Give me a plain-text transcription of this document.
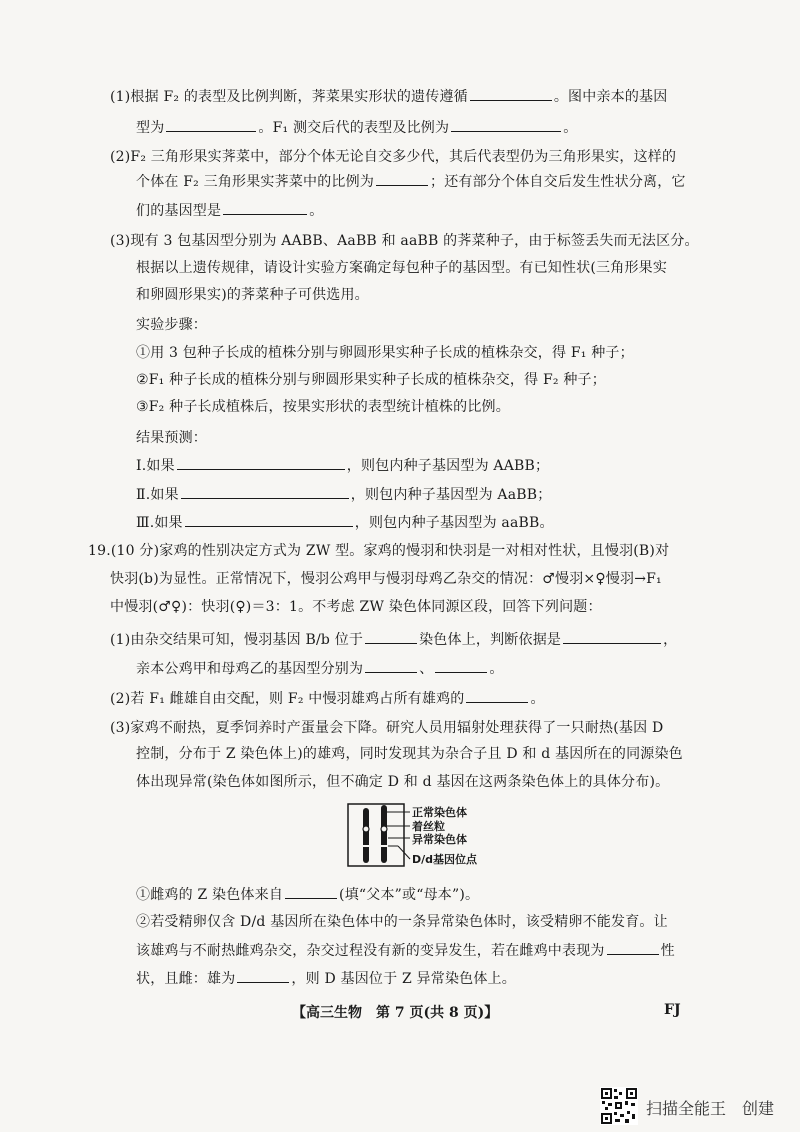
(1)根据 F₂ 的表型及比例判断，荠菜果实形状的遗传遵循	。图中亲本的基因
型为	。F₁ 测交后代的表型及比例为	。
(2)F₂ 三角形果实荠菜中，部分个体无论自交多少代，其后代表型仍为三角形果实，这样的
个体在 F₂ 三角形果实荠菜中的比例为	；还有部分个体自交后发生性状分离，它
们的基因型是	。
(3)现有 3 包基因型分别为 AABB、AaBB 和 aaBB 的荠菜种子，由于标签丢失而无法区分。
根据以上遗传规律，请设计实验方案确定每包种子的基因型。有已知性状(三角形果实
和卵圆形果实)的荠菜种子可供选用。
实验步骤：
①用 3 包种子长成的植株分别与卵圆形果实种子长成的植株杂交，得 F₁ 种子；
②F₁ 种子长成的植株分别与卵圆形果实种子长成的植株杂交，得 F₂ 种子；
③F₂ 种子长成植株后，按果实形状的表型统计植株的比例。
结果预测：
Ⅰ.如果	，则包内种子基因型为 AABB；
Ⅱ.如果	，则包内种子基因型为 AaBB；
Ⅲ.如果	，则包内种子基因型为 aaBB。
19.(10 分)家鸡的性别决定方式为 ZW 型。家鸡的慢羽和快羽是一对相对性状，且慢羽(B)对
快羽(b)为显性。正常情况下，慢羽公鸡甲与慢羽母鸡乙杂交的情况：♂慢羽×♀慢羽→F₁
中慢羽(♂♀)：快羽(♀)＝3：1。不考虑 ZW 染色体同源区段，回答下列问题：
(1)由杂交结果可知，慢羽基因 B/b 位于	染色体上，判断依据是	，
亲本公鸡甲和母鸡乙的基因型分别为	、	。
(2)若 F₁ 雌雄自由交配，则 F₂ 中慢羽雄鸡占所有雄鸡的	。
(3)家鸡不耐热，夏季饲养时产蛋量会下降。研究人员用辐射处理获得了一只耐热(基因 D
控制，分布于 Z 染色体上)的雄鸡，同时发现其为杂合子且 D 和 d 基因所在的同源染色
体出现异常(染色体如图所示，但不确定 D 和 d 基因在这两条染色体上的具体分布)。
正常染色体
着丝粒
异常染色体
D/d基因位点
①雌鸡的 Z 染色体来自	(填“父本”或“母本”)。
②若受精卵仅含 D/d 基因所在染色体中的一条异常染色体时，该受精卵不能发育。让
该雄鸡与不耐热雌鸡杂交，杂交过程没有新的变异发生，若在雌鸡中表现为	性
状，且雌：雄为	，则 D 基因位于 Z 异常染色体上。
【高三生物　第 7 页(共 8 页)】	FJ
扫描全能王　创建
